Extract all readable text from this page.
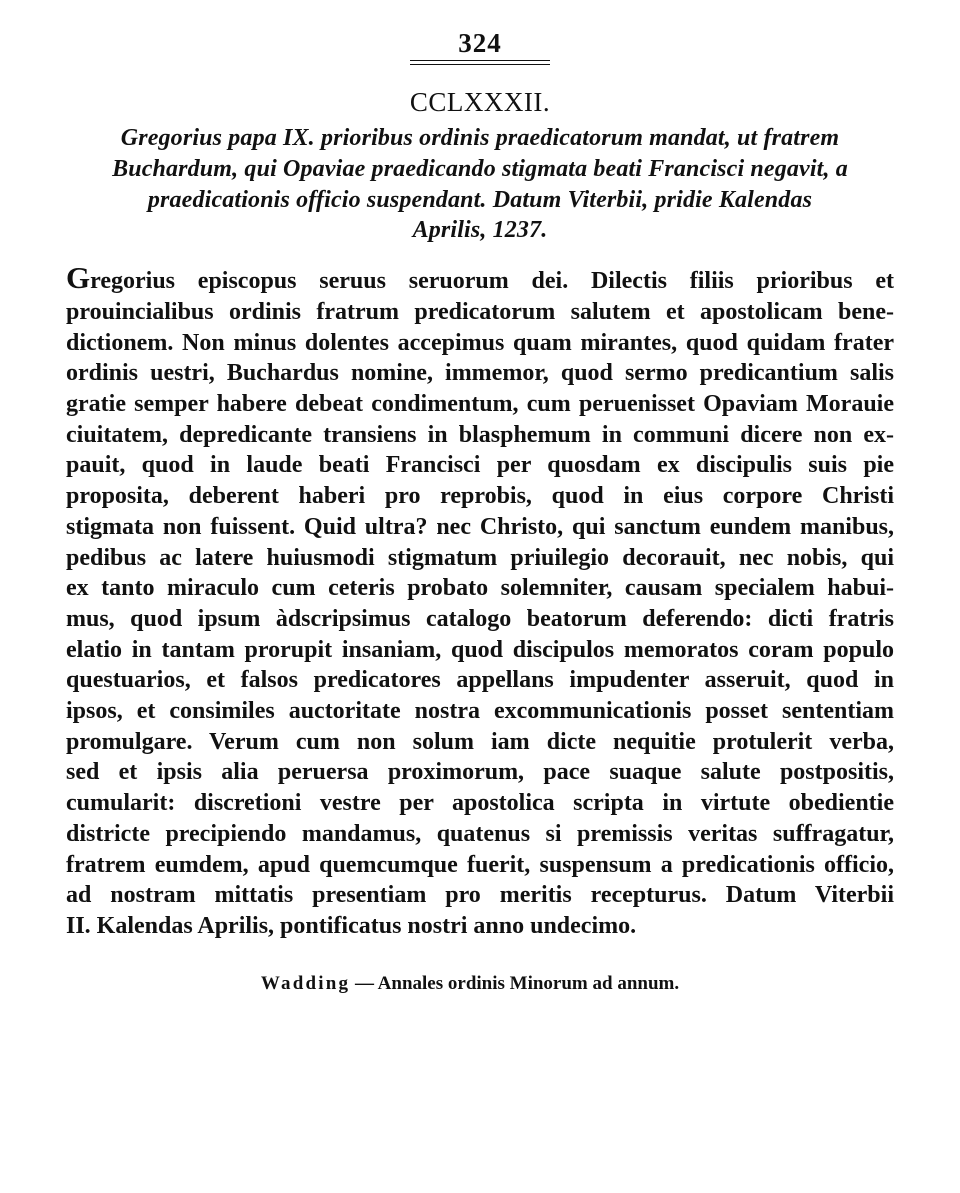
324
CCLXXXII.
Gregorius papa IX. prioribus ordinis praedicatorum mandat, ut fratrem
Buchardum, qui Opaviae praedicando stigmata beati Francisci negavit, a
praedicationis officio suspendant. Datum Viterbii, pridie Kalendas
Aprilis, 1237.
Gregorius episcopus seruus seruorum dei. Dilectis filiis prioribus et
prouincialibus ordinis fratrum predicatorum salutem et apostolicam bene-
dictionem. Non minus dolentes accepimus quam mirantes, quod quidam frater
ordinis uestri, Buchardus nomine, immemor, quod sermo predicantium salis
gratie semper habere debeat condimentum, cum peruenisset Opaviam Morauie
ciuitatem, depredicante transiens in blasphemum in communi dicere non ex-
pauit, quod in laude beati Francisci per quosdam ex discipulis suis pie
proposita, deberent haberi pro reprobis, quod in eius corpore Christi
stigmata non fuissent. Quid ultra? nec Christo, qui sanctum eundem manibus,
pedibus ac latere huiusmodi stigmatum priuilegio decorauit, nec nobis, qui
ex tanto miraculo cum ceteris probato solemniter, causam specialem habui-
mus, quod ipsum àdscripsimus catalogo beatorum deferendo: dicti fratris
elatio in tantam prorupit insaniam, quod discipulos memoratos coram populo
questuarios, et falsos predicatores appellans impudenter asseruit, quod in
ipsos, et consimiles auctoritate nostra excommunicationis posset sententiam
promulgare. Verum cum non solum iam dicte nequitie protulerit verba,
sed et ipsis alia peruersa proximorum, pace suaque salute postpositis,
cumularit: discretioni vestre per apostolica scripta in virtute obedientie
districte precipiendo mandamus, quatenus si premissis veritas suffragatur,
fratrem eumdem, apud quemcumque fuerit, suspensum a predicationis officio,
ad nostram mittatis presentiam pro meritis recepturus. Datum Viterbii
II. Kalendas Aprilis, pontificatus nostri anno undecimo.
Wadding — Annales ordinis Minorum ad annum.
